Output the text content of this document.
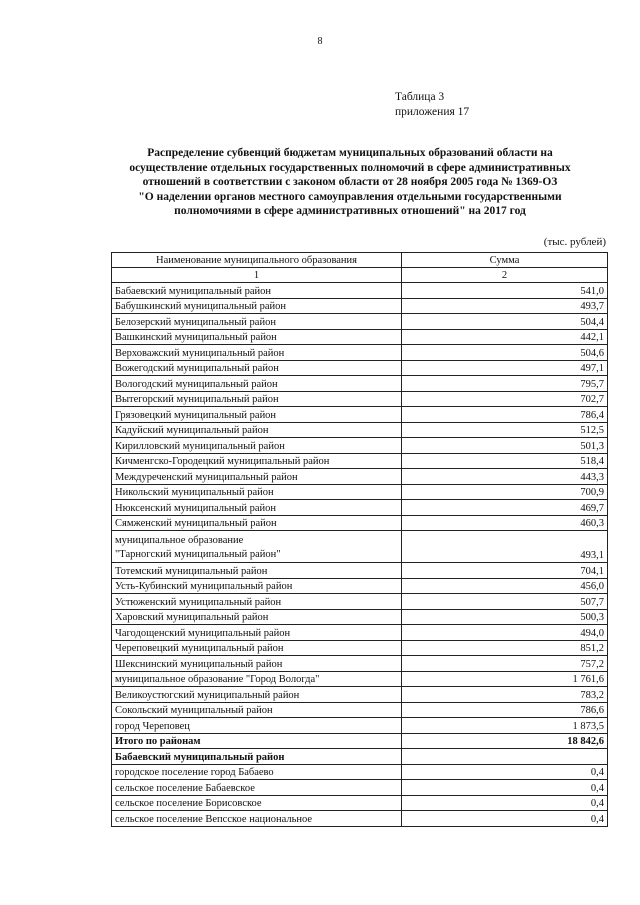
8
Таблица 3
приложения 17
Распределение субвенций бюджетам муниципальных образований области на
осуществление отдельных государственных полномочий в сфере административных
отношений в соответствии с законом области от 28 ноября 2005 года № 1369-ОЗ
"О наделении органов местного самоуправления отдельными государственными
полномочиями в сфере административных отношений" на 2017 год
(тыс. рублей)
Наименование муниципального образования	Сумма
1	2
Бабаевский муниципальный район	541,0
Бабушкинский муниципальный район	493,7
Белозерский муниципальный район	504,4
Вашкинский муниципальный район	442,1
Верховажский муниципальный район	504,6
Вожегодский муниципальный район	497,1
Вологодский муниципальный район	795,7
Вытегорский муниципальный район	702,7
Грязовецкий муниципальный район	786,4
Кадуйский муниципальный район	512,5
Кирилловский муниципальный район	501,3
Кичменгско-Городецкий муниципальный район	518,4
Междуреченский муниципальный район	443,3
Никольский муниципальный район	700,9
Нюксенский муниципальный район	469,7
Сямженский муниципальный район	460,3

муниципальное образование
"Тарногский муниципальный район"	493,1
Тотемский муниципальный район	704,1
Усть-Кубинский муниципальный район	456,0
Устюженский муниципальный район	507,7
Харовский муниципальный район	500,3
Чагодощенский муниципальный район	494,0
Череповецкий муниципальный район	851,2
Шекснинский муниципальный район	757,2
муниципальное образование "Город Вологда"	1 761,6
Великоустюгский муниципальный район	783,2
Сокольский муниципальный район	786,6
город Череповец	1 873,5
Итого по районам	18 842,6
Бабаевский муниципальный район	
городское поселение город Бабаево	0,4
сельское поселение Бабаевское	0,4
сельское поселение Борисовское	0,4
сельское поселение Вепсское национальное	0,4
